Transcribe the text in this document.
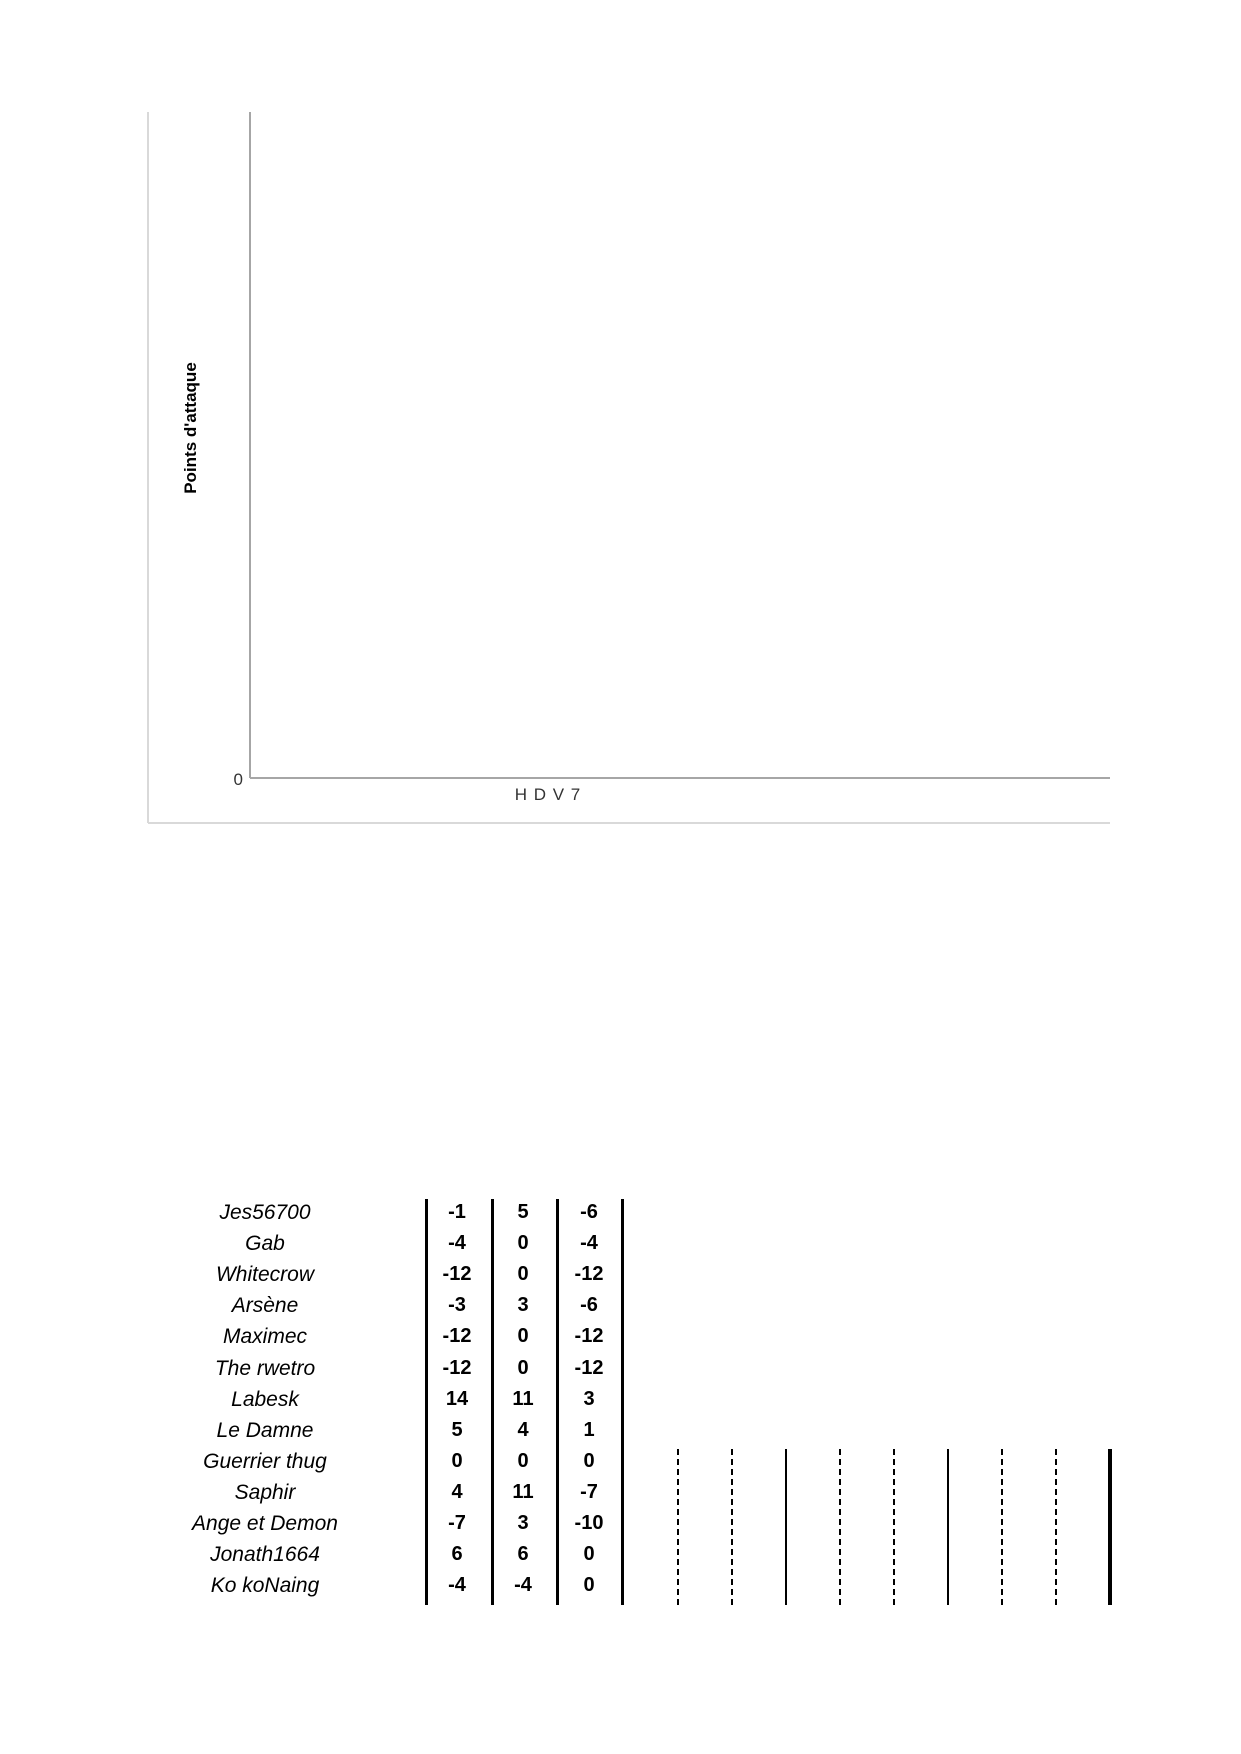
0
H D V 7
Points d'attaque
Jes56700	-1	5	-6
Gab	-4	0	-4
Whitecrow	-12	0	-12
Arsène	-3	3	-6
Maximec	-12	0	-12
The rwetro	-12	0	-12
Labesk	14	11	3
Le Damne	5	4	1
Guerrier thug	0	0	0
Saphir	4	11	-7
Ange et Demon	-7	3	-10
Jonath1664	6	6	0
Ko koNaing	-4	-4	0
